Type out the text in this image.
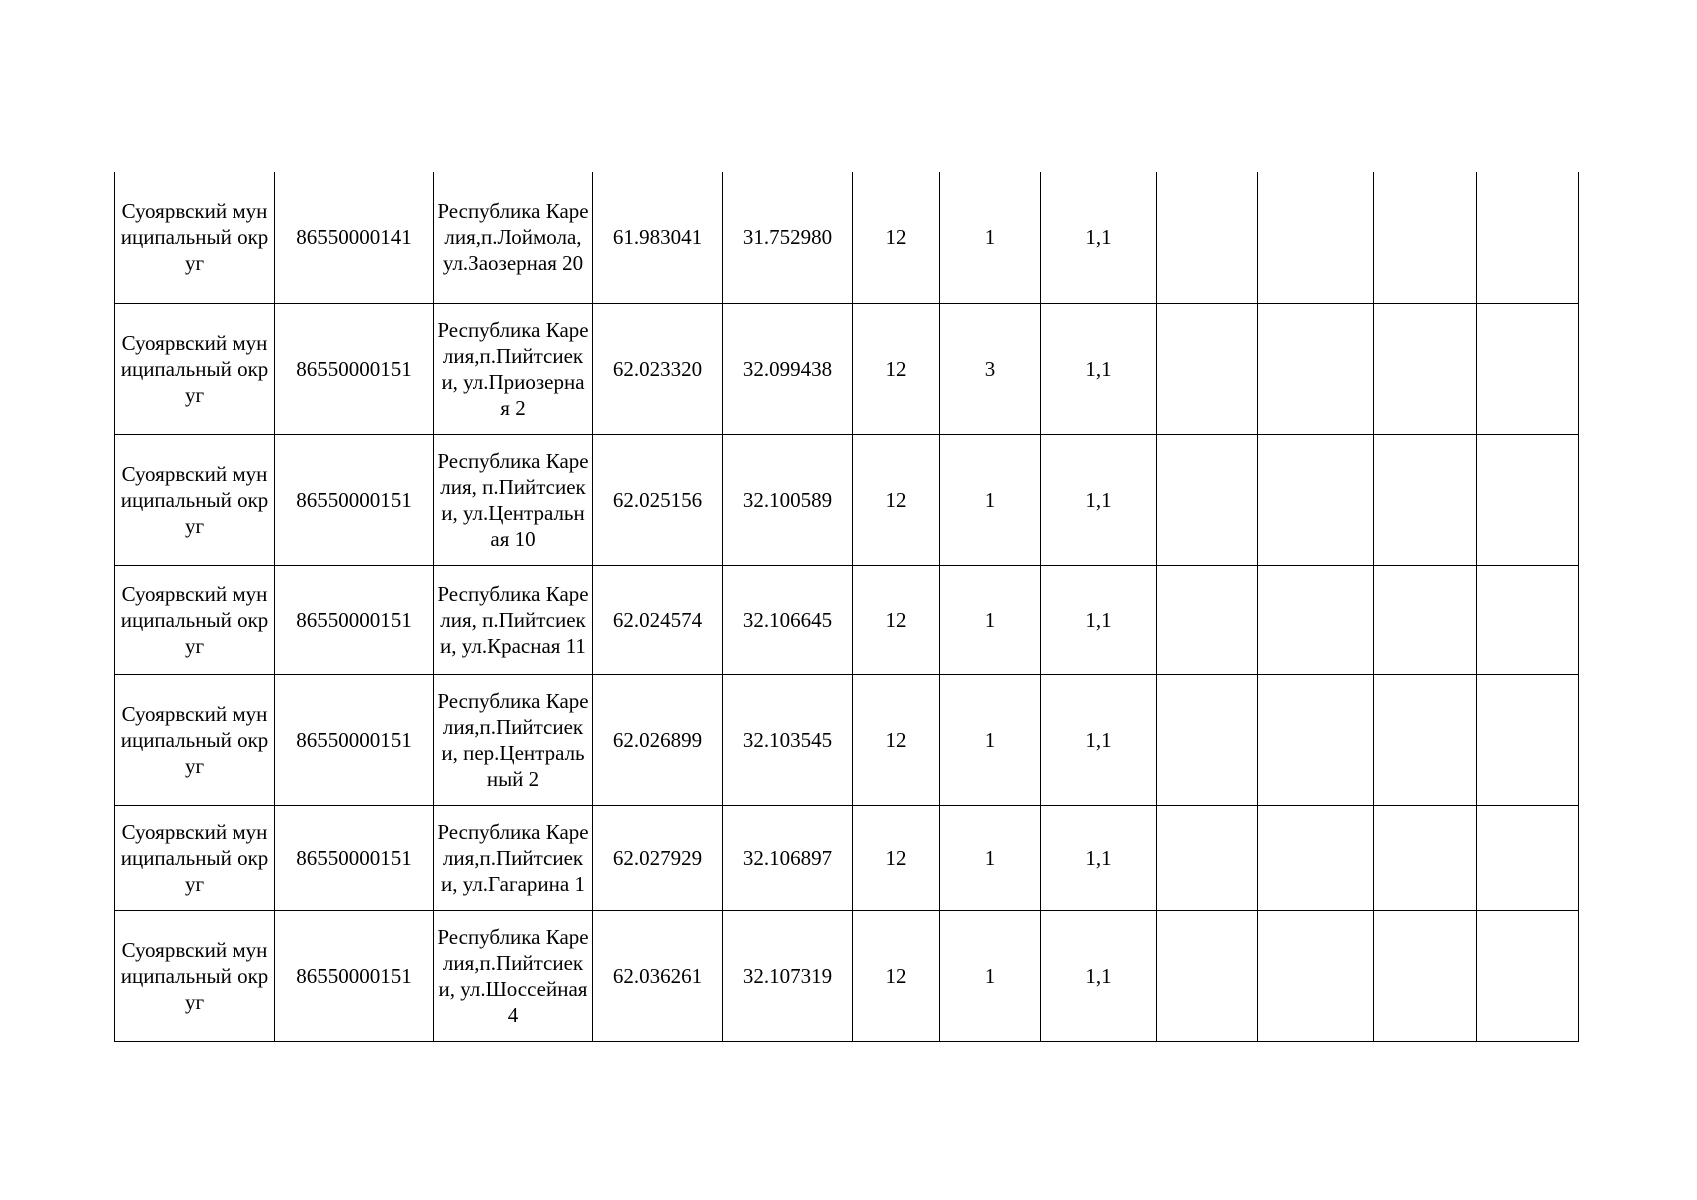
Суоярвский муниципальный округ	86550000141	Республика Карелия,п.Лоймола, ул.Заозерная 20	61.983041	31.752980	12	1	1,1				
Суоярвский муниципальный округ	86550000151	Республика Карелия,п.Пийтсиеки, ул.Приозерная 2	62.023320	32.099438	12	3	1,1				
Суоярвский муниципальный округ	86550000151	Республика Карелия, п.Пийтсиеки, ул.Центральная 10	62.025156	32.100589	12	1	1,1				
Суоярвский муниципальный округ	86550000151	Республика Карелия, п.Пийтсиеки, ул.Красная 11	62.024574	32.106645	12	1	1,1				
Суоярвский муниципальный округ	86550000151	Республика Карелия,п.Пийтсиеки, пер.Центральный 2	62.026899	32.103545	12	1	1,1				
Суоярвский муниципальный округ	86550000151	Республика Карелия,п.Пийтсиеки, ул.Гагарина 1	62.027929	32.106897	12	1	1,1				
Суоярвский муниципальный округ	86550000151	Республика Карелия,п.Пийтсиеки, ул.Шоссейная 4	62.036261	32.107319	12	1	1,1				
